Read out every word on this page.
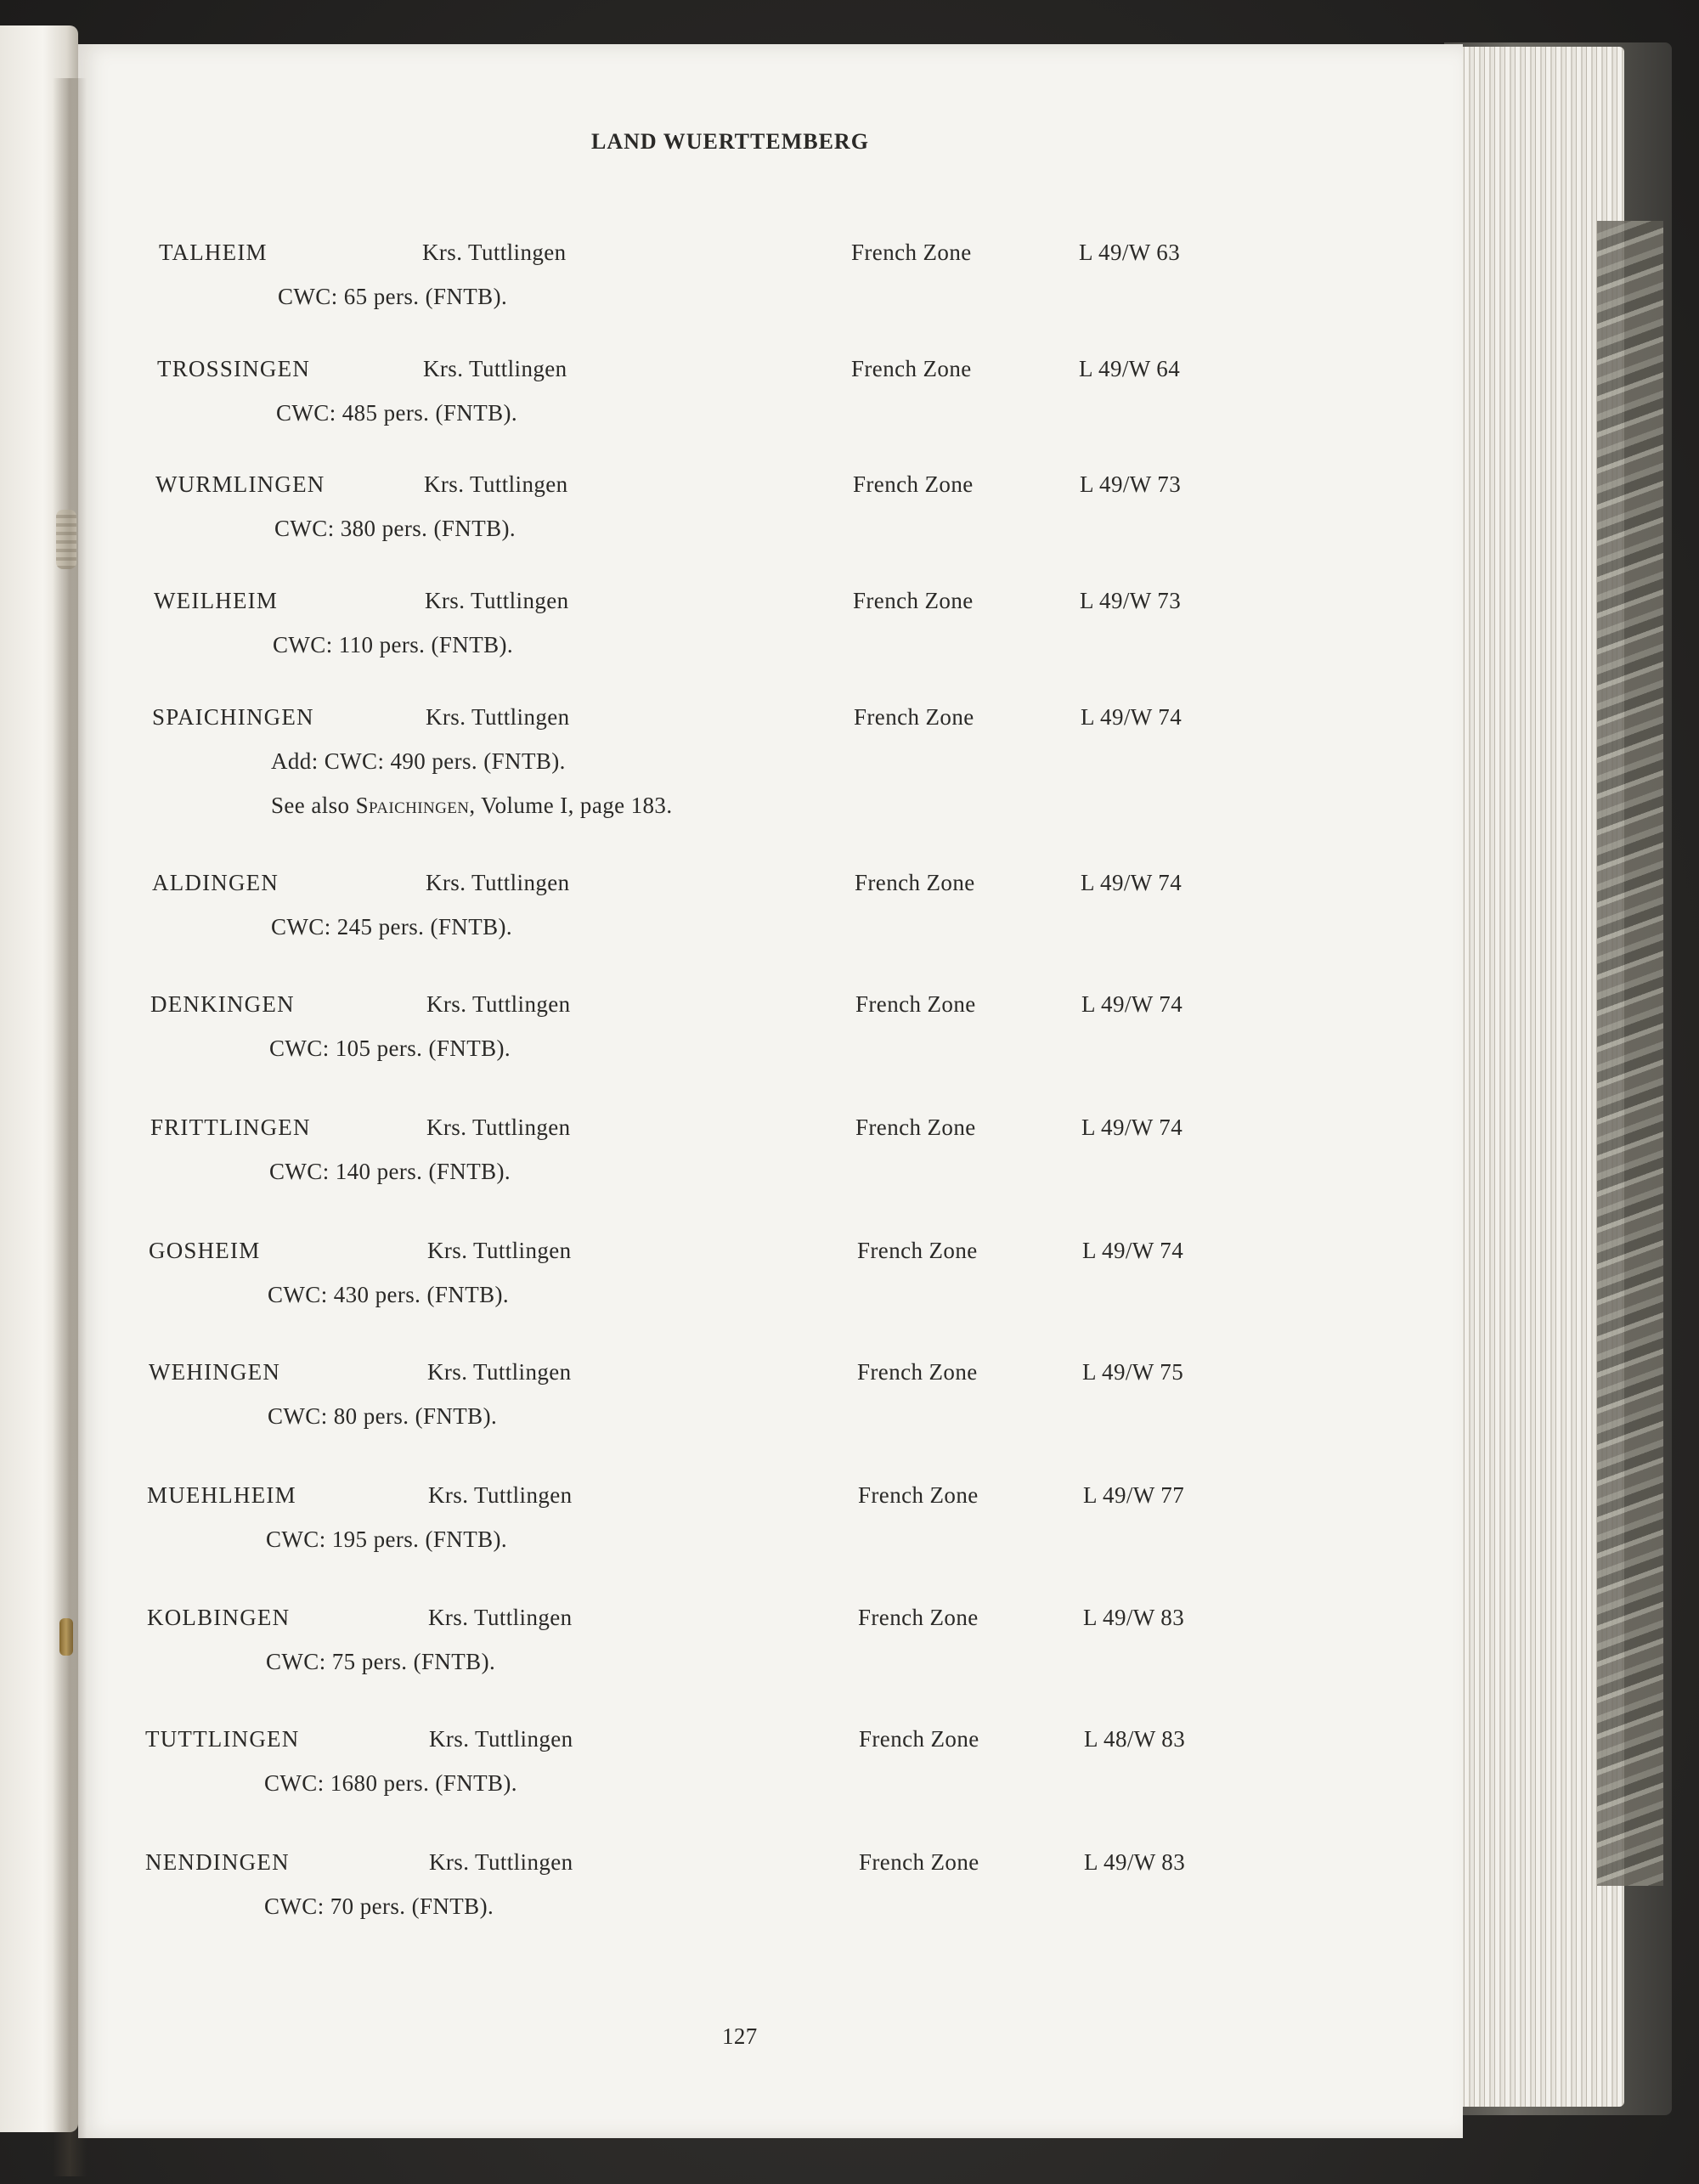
LAND WUERTTEMBERG
TALHEIM	Krs. Tuttlingen	French Zone	L 49/W 63
CWC: 65 pers. (FNTB).
TROSSINGEN	Krs. Tuttlingen	French Zone	L 49/W 64
CWC: 485 pers. (FNTB).
WURMLINGEN	Krs. Tuttlingen	French Zone	L 49/W 73
CWC: 380 pers. (FNTB).
WEILHEIM	Krs. Tuttlingen	French Zone	L 49/W 73
CWC: 110 pers. (FNTB).
SPAICHINGEN	Krs. Tuttlingen	French Zone	L 49/W 74
Add: CWC: 490 pers. (FNTB).
See also Spaichingen, Volume I, page 183.
ALDINGEN	Krs. Tuttlingen	French Zone	L 49/W 74
CWC: 245 pers. (FNTB).
DENKINGEN	Krs. Tuttlingen	French Zone	L 49/W 74
CWC: 105 pers. (FNTB).
FRITTLINGEN	Krs. Tuttlingen	French Zone	L 49/W 74
CWC: 140 pers. (FNTB).
GOSHEIM	Krs. Tuttlingen	French Zone	L 49/W 74
CWC: 430 pers. (FNTB).
WEHINGEN	Krs. Tuttlingen	French Zone	L 49/W 75
CWC: 80 pers. (FNTB).
MUEHLHEIM	Krs. Tuttlingen	French Zone	L 49/W 77
CWC: 195 pers. (FNTB).
KOLBINGEN	Krs. Tuttlingen	French Zone	L 49/W 83
CWC: 75 pers. (FNTB).
TUTTLINGEN	Krs. Tuttlingen	French Zone	L 48/W 83
CWC: 1680 pers. (FNTB).
NENDINGEN	Krs. Tuttlingen	French Zone	L 49/W 83
CWC: 70 pers. (FNTB).
127
